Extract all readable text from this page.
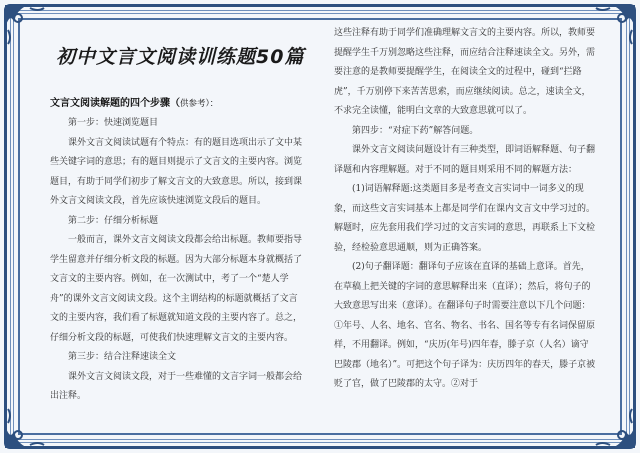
初中文言文阅读训练题50篇
文言文阅读解题的四个步骤（供参考）：

第一步：快速浏览题目

课外文言文阅读试题有个特点：有的题目选项出示了文中某些关键字词的意思；有的题目则提示了文言文的主要内容。浏览题目，有助于同学们初步了解文言文的大致意思。所以，接到课外文言文阅读文段，首先应该快速浏览文段后的题目。

第二步：仔细分析标题

一般而言，课外文言文阅读文段都会给出标题。教师要指导学生留意并仔细分析文段的标题。因为大部分标题本身就概括了文言文的主要内容。例如，在一次测试中，考了一个“楚人学舟”的课外文言文阅读文段。这个主谓结构的标题就概括了文言文的主要内容，我们看了标题就知道文段的主要内容了。总之，仔细分析文段的标题，可使我们快速理解文言文的主要内容。

第三步：结合注释速读全文

课外文言文阅读文段，对于一些难懂的文言字词一般都会给出注释。

这些注释有助于同学们准确理解文言文的主要内容。所以，教师要提醒学生千万别忽略这些注释，而应结合注释速读全文。另外，需要注意的是教师要提醒学生，在阅读全文的过程中，碰到“拦路虎”，千万别停下来苦苦思索，而应继续阅读。总之，速读全文，不求完全读懂，能明白文章的大致意思就可以了。

第四步：“对症下药”解答问题。

课外文言文阅读问题设计有三种类型，即词语解释题、句子翻译题和内容理解题。对于不同的题目则采用不同的解题方法：

(1)词语解释题:这类题目多是考查文言实词中一词多义的现象，而这些文言实词基本上都是同学们在课内文言文中学习过的。解题时，应先套用我们学习过的文言实词的意思，再联系上下文检验，经检验意思通顺，则为正确答案。

(2)句子翻译题：翻译句子应该在直译的基础上意译。首先，在草稿上把关键的字词的意思解释出来（直译）；然后，将句子的大致意思写出来（意译）。在翻译句子时需要注意以下几个问题：①年号、人名、地名、官名、物名、书名、国名等专有名词保留原样，不用翻译。例如，“庆历(年号)四年春，滕子京（人名）谪守巴陵郡（地名）”。可把这个句子译为：庆历四年的春天，滕子京被贬了官，做了巴陵郡的太守。②对于
